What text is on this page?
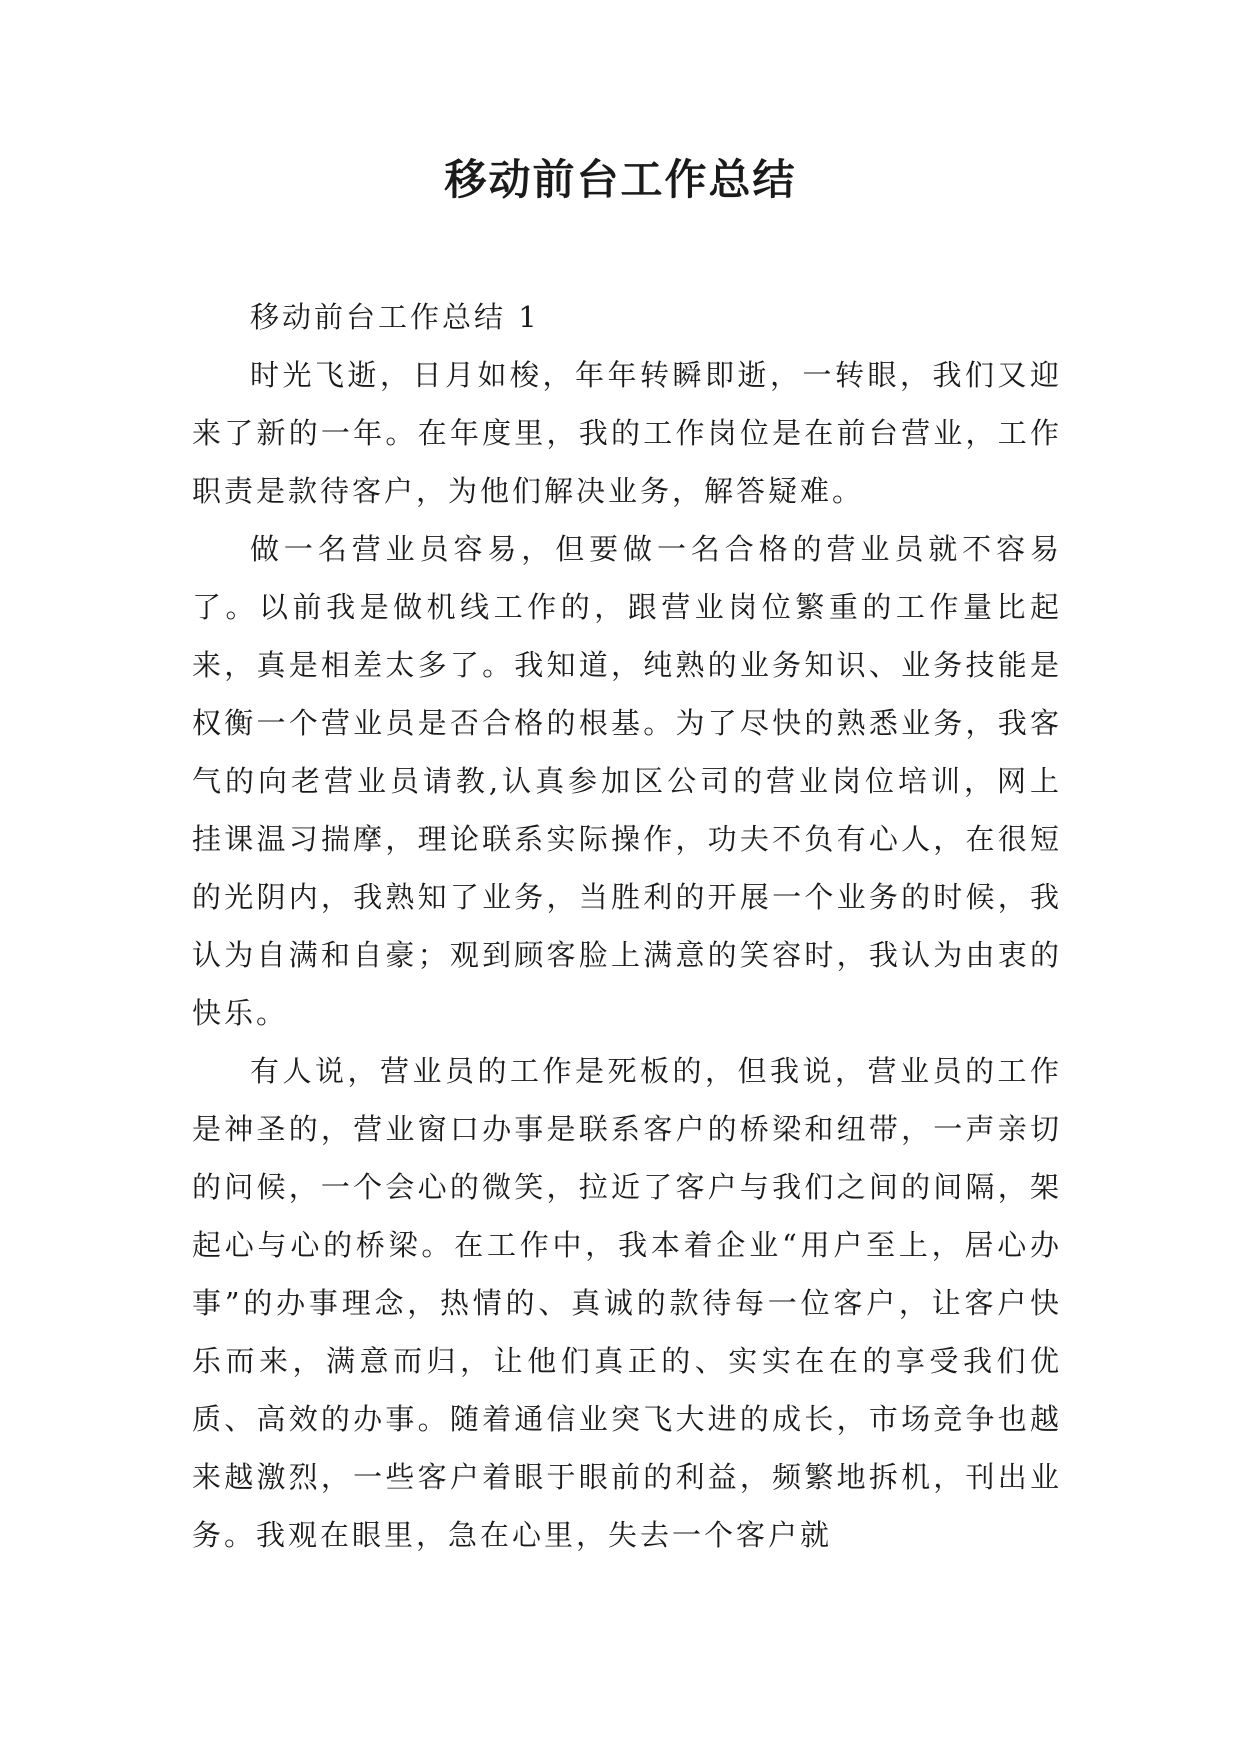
移动前台工作总结

移动前台工作总结 1

时光飞逝，日月如梭，年年转瞬即逝，一转眼，我们又迎来了新的一年。在年度里，我的工作岗位是在前台营业，工作职责是款待客户，为他们解决业务，解答疑难。

做一名营业员容易，但要做一名合格的营业员就不容易了。以前我是做机线工作的，跟营业岗位繁重的工作量比起来，真是相差太多了。我知道，纯熟的业务知识、业务技能是权衡一个营业员是否合格的根基。为了尽快的熟悉业务，我客气的向老营业员请教,认真参加区公司的营业岗位培训，网上挂课温习揣摩，理论联系实际操作，功夫不负有心人，在很短的光阴内，我熟知了业务，当胜利的开展一个业务的时候，我认为自满和自豪；观到顾客脸上满意的笑容时，我认为由衷的快乐。

有人说，营业员的工作是死板的，但我说，营业员的工作是神圣的，营业窗口办事是联系客户的桥梁和纽带，一声亲切的问候，一个会心的微笑，拉近了客户与我们之间的间隔，架起心与心的桥梁。在工作中，我本着企业“用户至上，居心办事”的办事理念，热情的、真诚的款待每一位客户，让客户快乐而来，满意而归，让他们真正的、实实在在的享受我们优质、高效的办事。随着通信业突飞大进的成长，市场竞争也越来越激烈，一些客户着眼于眼前的利益，频繁地拆机，刊出业务。我观在眼里，急在心里，失去一个客户就
